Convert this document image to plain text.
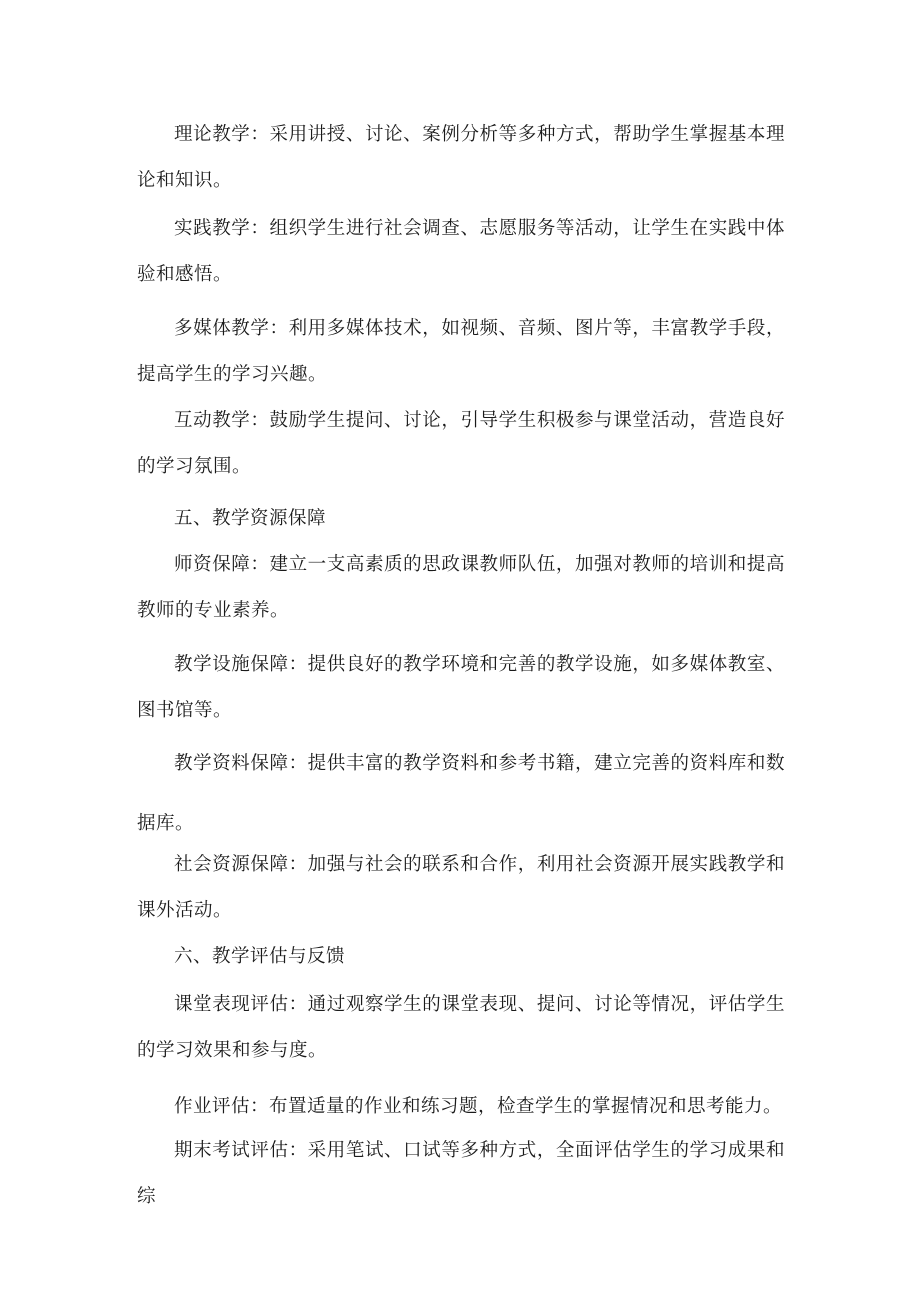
理论教学：采用讲授、讨论、案例分析等多种方式，帮助学生掌握基本理论和知识。

实践教学：组织学生进行社会调查、志愿服务等活动，让学生在实践中体验和感悟。

多媒体教学：利用多媒体技术，如视频、音频、图片等，丰富教学手段，提高学生的学习兴趣。

互动教学：鼓励学生提问、讨论，引导学生积极参与课堂活动，营造良好的学习氛围。

五、教学资源保障

师资保障：建立一支高素质的思政课教师队伍，加强对教师的培训和提高教师的专业素养。

教学设施保障：提供良好的教学环境和完善的教学设施，如多媒体教室、图书馆等。

教学资料保障：提供丰富的教学资料和参考书籍，建立完善的资料库和数据库。

社会资源保障：加强与社会的联系和合作，利用社会资源开展实践教学和课外活动。

六、教学评估与反馈

课堂表现评估：通过观察学生的课堂表现、提问、讨论等情况，评估学生的学习效果和参与度。

作业评估：布置适量的作业和练习题，检查学生的掌握情况和思考能力。

期末考试评估：采用笔试、口试等多种方式，全面评估学生的学习成果和综
